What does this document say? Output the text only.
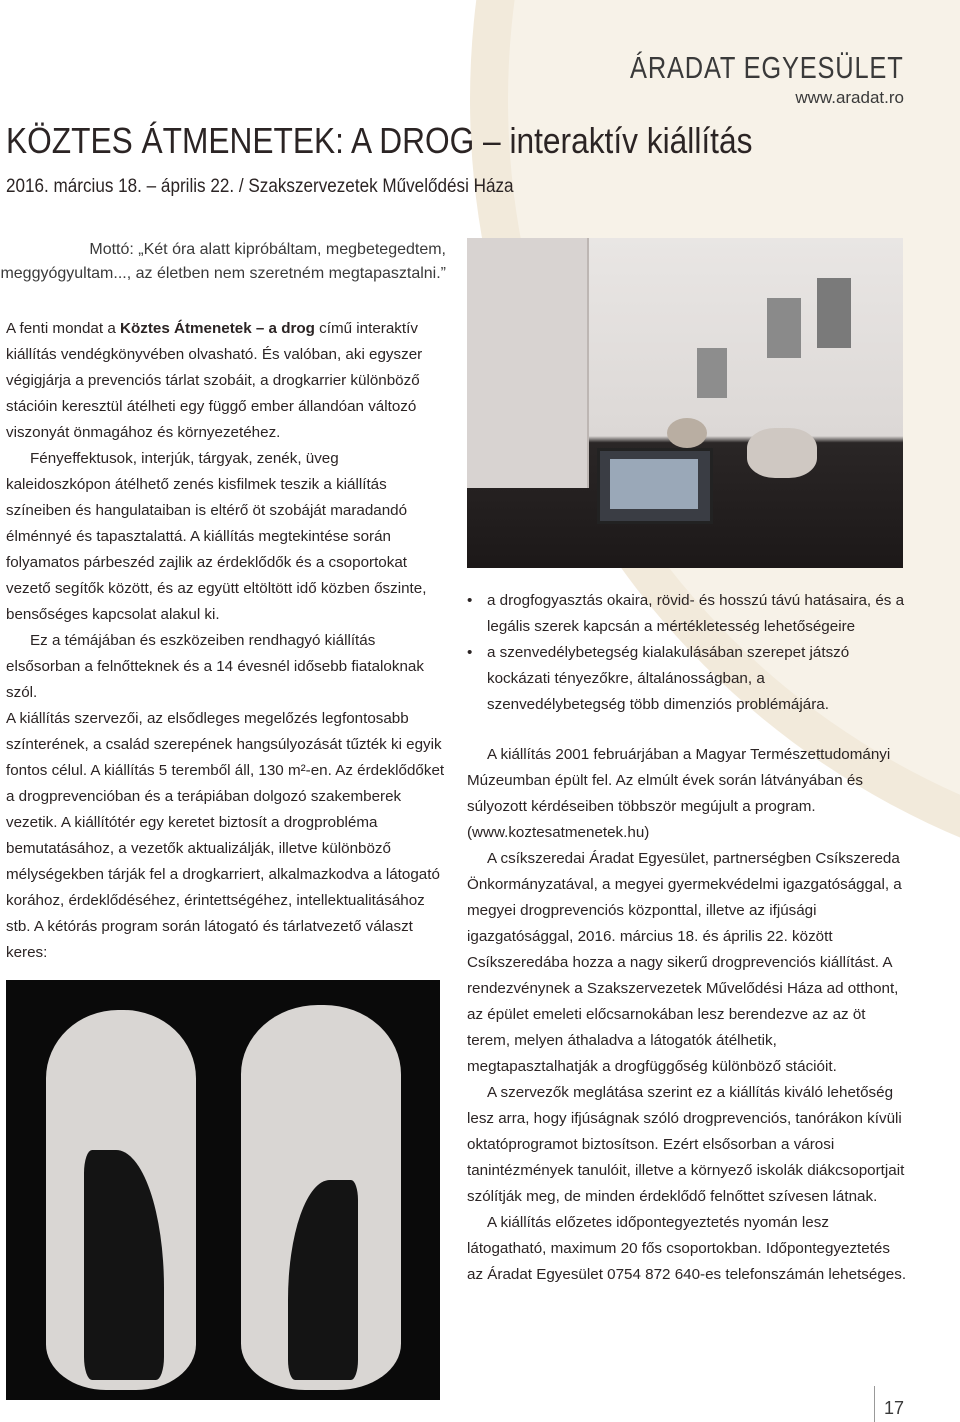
ÁRADAT EGYESÜLET
www.aradat.ro
KÖZTES ÁTMENETEK: A DROG – interaktív kiállítás
2016. március 18. – április 22. / Szakszervezetek Művelődési Háza
Mottó: „Két óra alatt kipróbáltam, megbetegedtem, meggyógyultam..., az életben nem szeretném megtapasztalni.”

A fenti mondat a Köztes Átmenetek – a drog című interaktív kiállítás vendégkönyvében olvasható. És valóban, aki egyszer végigjárja a prevenciós tárlat szobáit, a drogkarrier különböző stációin keresztül átélheti egy függő ember állandóan változó viszonyát önmagához és környezetéhez.

Fényeffektusok, interjúk, tárgyak, zenék, üveg kaleidoszkópon átélhető zenés kisfilmek teszik a kiállítás színeiben és hangulataiban is eltérő öt szobáját maradandó élménnyé és tapasztalattá. A kiállítás megtekintése során folyamatos párbeszéd zajlik az érdeklődők és a csoportokat vezető segítők között, és az együtt eltöltött idő közben őszinte, bensőséges kapcsolat alakul ki.

Ez a témájában és eszközeiben rendhagyó kiállítás elsősorban a felnőtteknek és a 14 évesnél idősebb fiataloknak szól.

A kiállítás szervezői, az elsődleges megelőzés legfontosabb színterének, a család szerepének hangsúlyozását tűzték ki egyik fontos célul. A kiállítás 5 teremből áll, 130 m²-en. Az érdeklődőket a drogprevencióban és a terápiában dolgozó szakemberek vezetik. A kiállítótér egy keretet biztosít a drogprobléma bemutatásához, a vezetők aktualizálják, illetve különböző mélységekben tárják fel a drogkarriert, alkalmazkodva a látogató korához, érdeklődéséhez, érintettségéhez, intellektualitásához stb. A kétórás program során látogató és tárlatvezető választ keres:

• a drogfogyasztás okaira, rövid- és hosszú távú hatásaira, és a legális szerek kapcsán a mértékletesség lehetőségeire
• a szenvedélybetegség kialakulásában szerepet játszó kockázati tényezőkre, általánosságban, a szenvedélybetegség több dimenziós problémájára.

A kiállítás 2001 februárjában a Magyar Természettudományi Múzeumban épült fel. Az elmúlt évek során látványában és súlyozott kérdéseiben többször megújult a program. (www.koztesatmenetek.hu)

A csíkszeredai Áradat Egyesület, partnerségben Csíkszereda Önkormányzatával, a megyei gyermekvédelmi igazgatósággal, a megyei drogprevenciós központtal, illetve az ifjúsági igazgatósággal, 2016. március 18. és április 22. között Csíkszeredába hozza a nagy sikerű drogprevenciós kiállítást. A rendezvénynek a Szakszervezetek Művelődési Háza ad otthont, az épület emeleti előcsarnokában lesz berendezve az az öt terem, melyen áthaladva a látogatók átélhetik, megtapasztalhatják a drogfüggőség különböző stációit.

A szervezők meglátása szerint ez a kiállítás kiváló lehetőség lesz arra, hogy ifjúságnak szóló drogprevenciós, tanórákon kívüli oktatóprogramot biztosítson. Ezért elsősorban a városi tanintézmények tanulóit, illetve a környező iskolák diákcsoportjait szólítják meg, de minden érdeklődő felnőttet szívesen látnak.

A kiállítás előzetes időpontegyeztetés nyomán lesz látogatható, maximum 20 fős csoportokban. Időpontegyeztetés az Áradat Egyesület 0754 872 640-es telefonszámán lehetséges.

17
